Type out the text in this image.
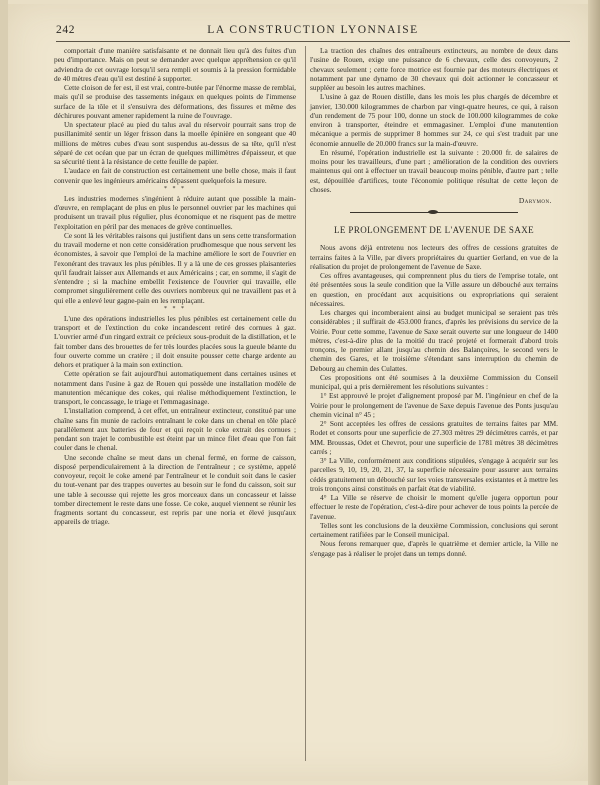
242	LA CONSTRUCTION LYONNAISE

comportait d'une manière satisfaisante et ne donnait lieu qu'à des fuites d'un peu d'importance. Mais on peut se demander avec quelque appréhension ce qu'il adviendra de cet ouvrage lorsqu'il sera rempli et soumis à la pression formidable de 40 mètres d'eau qu'il est destiné à supporter.

Cette cloison de fer est, il est vrai, contre-butée par l'énorme masse de remblai, mais qu'il se produise des tassements inégaux en quelques points de l'immense surface de la tôle et il s'ensuivra des déformations, des fissures et même des déchirures pouvant amener rapidement la ruine de l'ouvrage.

Un spectateur placé au pied du talus aval du réservoir pourrait sans trop de pusillanimité sentir un léger frisson dans la moelle épinière en songeant que 40 millions de mètres cubes d'eau sont suspendus au-dessus de sa tête, qu'il n'est séparé de cet océan que par un écran de quelques millimètres d'épaisseur, et que sa sécurité tient à la résistance de cette feuille de papier.

L'audace en fait de construction est certainement une belle chose, mais il faut convenir que les ingénieurs américains dépassent quelquefois la mesure.

* * *

Les industries modernes s'ingénient à réduire autant que possible la main-d'œuvre, en remplaçant de plus en plus le personnel ouvrier par les machines qui produisent un travail plus régulier, plus économique et ne risquent pas de mettre l'exploitation en péril par des menaces de grève continuelles.

Ce sont là les véritables raisons qui justifient dans un sens cette transformation du travail moderne et non cette considération prudhomesque que nous servent les économistes, à savoir que l'emploi de la machine améliore le sort de l'ouvrier en l'exonérant des travaux les plus pénibles. Il y a là une de ces grosses plaisanteries qu'il faudrait laisser aux Allemands et aux Américains ; car, en somme, il s'agit de s'entendre ; si la machine embellit l'existence de l'ouvrier qui travaille, elle compromet singulièrement celle des ouvriers nombreux qui ne travaillent pas et à qui elle a enlevé leur gagne-pain en les remplaçant.

* * *

L'une des opérations industrielles les plus pénibles est certainement celle du transport et de l'extinction du coke incandescent retiré des cornues à gaz. L'ouvrier armé d'un ringard extrait ce précieux sous-produit de la distillation, et le fait tomber dans des brouettes de fer très lourdes placées sous la gueule béante du four ouverte comme un cratère ; il doit ensuite pousser cette charge ardente au dehors et pratiquer à la main son extinction.

Cette opération se fait aujourd'hui automatiquement dans certaines usines et notamment dans l'usine à gaz de Rouen qui possède une installation modèle de manutention mécanique des cokes, qui réalise méthodiquement l'extinction, le transport, le concassage, le triage et l'emmagasinage.

L'installation comprend, à cet effet, un entraîneur extincteur, constitué par une chaîne sans fin munie de racloirs entraînant le coke dans un chenal en tôle placé parallèlement aux batteries de four et qui reçoit le coke extrait des cornues ; pendant son trajet le combustible est éteint par un mince filet d'eau que l'on fait couler dans le chenal.

Une seconde chaîne se meut dans un chenal fermé, en forme de caisson, disposé perpendiculairement à la direction de l'entraîneur ; ce système, appelé convoyeur, reçoit le coke amené par l'entraîneur et le conduit soit dans le casier du tout-venant par des trappes ouvertes au besoin sur le fond du caisson, soit sur une table à secousse qui rejette les gros morceaux dans un concasseur et laisse tomber directement le reste dans une fosse. Ce coke, auquel viennent se réunir les fragments sortant du concasseur, est repris par une noria et élevé jusqu'aux appareils de triage.

La traction des chaînes des entraîneurs extincteurs, au nombre de deux dans l'usine de Rouen, exige une puissance de 6 chevaux, celle des convoyeurs, 2 chevaux seulement ; cette force motrice est fournie par des moteurs électriques et notamment par une dynamo de 30 chevaux qui doit actionner le concasseur et suppléer au besoin les autres machines.

L'usine à gaz de Rouen distille, dans les mois les plus chargés de décembre et janvier, 130.000 kilogrammes de charbon par vingt-quatre heures, ce qui, à raison d'un rendement de 75 pour 100, donne un stock de 100.000 kilogrammes de coke environ à transporter, éteindre et emmagasiner. L'emploi d'une manutention mécanique a permis de supprimer 8 hommes sur 24, ce qui s'est traduit par une économie annuelle de 20.000 francs sur la main-d'œuvre.

En résumé, l'opération industrielle est la suivante : 20.000 fr. de salaires de moins pour les travailleurs, d'une part ; amélioration de la condition des ouvriers maintenus qui ont à effectuer un travail beaucoup moins pénible, d'autre part ; telle est, dépouillée d'artifices, toute l'économie politique résultat de cette leçon de choses.

Darymon.
LE PROLONGEMENT DE L'AVENUE DE SAXE

Nous avons déjà entretenu nos lecteurs des offres de cessions gratuites de terrains faites à la Ville, par divers propriétaires du quartier Gerland, en vue de la réalisation du projet de prolongement de l'avenue de Saxe.

Ces offres avantageuses, qui comprennent plus du tiers de l'emprise totale, ont été présentées sous la seule condition que la Ville assure un débouché aux terrains en question, en procédant aux acquisitions ou expropriations qui seraient nécessaires.

Les charges qui incomberaient ainsi au budget municipal se seraient pas très considérables ; il suffirait de 453.000 francs, d'après les prévisions du service de la Voirie. Pour cette somme, l'avenue de Saxe serait ouverte sur une longueur de 1400 mètres, c'est-à-dire plus de la moitié du tracé projeté et formerait d'abord trois tronçons, le premier allant jusqu'au chemin des Balançoires, le second vers le chemin des Gares, et le troisième s'étendant sans interruption du chemin de Debourg au chemin des Culattes.

Ces propositions ont été soumises à la deuxième Commission du Conseil municipal, qui a pris dernièrement les résolutions suivantes :

1° Est approuvé le projet d'alignement proposé par M. l'ingénieur en chef de la Voirie pour le prolongement de l'avenue de Saxe depuis l'avenue des Ponts jusqu'au chemin vicinal n° 45 ;

2° Sont acceptées les offres de cessions gratuites de terrains faites par MM. Rodet et consorts pour une superficie de 27.303 mètres 29 décimètres carrés, et par MM. Broussas, Odet et Chevrot, pour une superficie de 1781 mètres 38 décimètres carrés ;

3° La Ville, conformément aux conditions stipulées, s'engage à acquérir sur les parcelles 9, 10, 19, 20, 21, 37, la superficie nécessaire pour assurer aux terrains cédés gratuitement un débouché sur les voies transversales existantes et à mettre les trois tronçons ainsi constitués en parfait état de viabilité.

4° La Ville se réserve de choisir le moment qu'elle jugera opportun pour effectuer le reste de l'opération, c'est-à-dire pour achever de tous points la percée de l'avenue.

Telles sont les conclusions de la deuxième Commission, conclusions qui seront certainement ratifiées par le Conseil municipal.

Nous ferons remarquer que, d'après le quatrième et dernier article, la Ville ne s'engage pas à réaliser le projet dans un temps donné.
